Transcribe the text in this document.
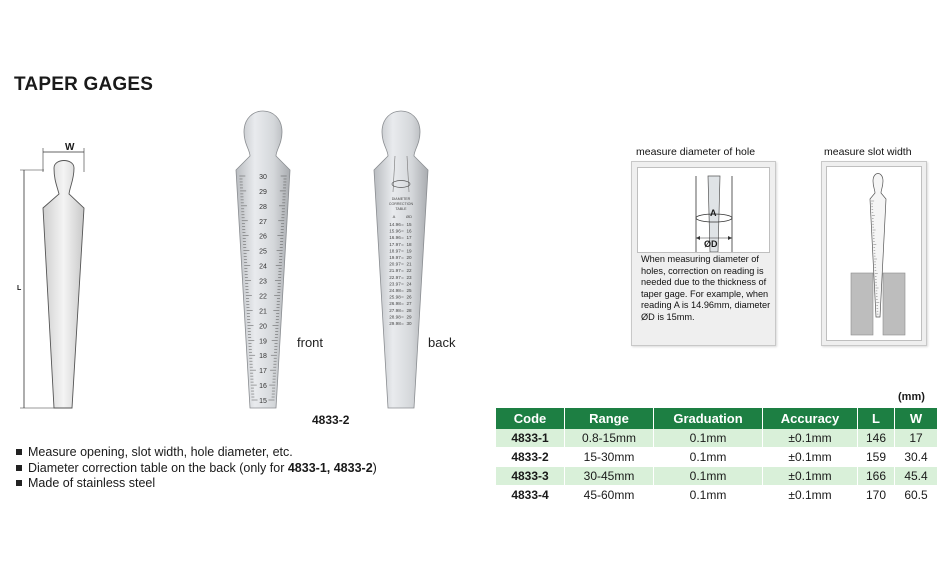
TAPER GAGES
W
L
30
29
28
27
26
25
24
23
22
21
20
19
18
17
16
15
front
DIAMETER
CORRECTION
TABLE
A	ØD
14.96 = 15
15.96 = 16
16.96 = 17
17.97 = 18
18.97 = 19
19.97 = 20
20.97 = 21
21.97 = 22
22.97 = 23
23.97 = 24
24.98 = 25
25.98 = 26
26.98 = 27
27.98 = 28
28.98 = 29
29.98 = 30
back
4833-2
measure diameter of hole
A
ØD
When measuring diameter of holes, correction on reading is needed due to the thickness of taper gage. For example, when reading A is 14.96mm, diameter ØD is 15mm.
measure slot width
(mm)
Code	Range	Graduation	Accuracy	L	W
4833-1	0.8-15mm	0.1mm	±0.1mm	146	17
4833-2	15-30mm	0.1mm	±0.1mm	159	30.4
4833-3	30-45mm	0.1mm	±0.1mm	166	45.4
4833-4	45-60mm	0.1mm	±0.1mm	170	60.5
Measure opening, slot width, hole diameter, etc.
Diameter correction table on the back (only for 4833-1, 4833-2)
Made of stainless steel
